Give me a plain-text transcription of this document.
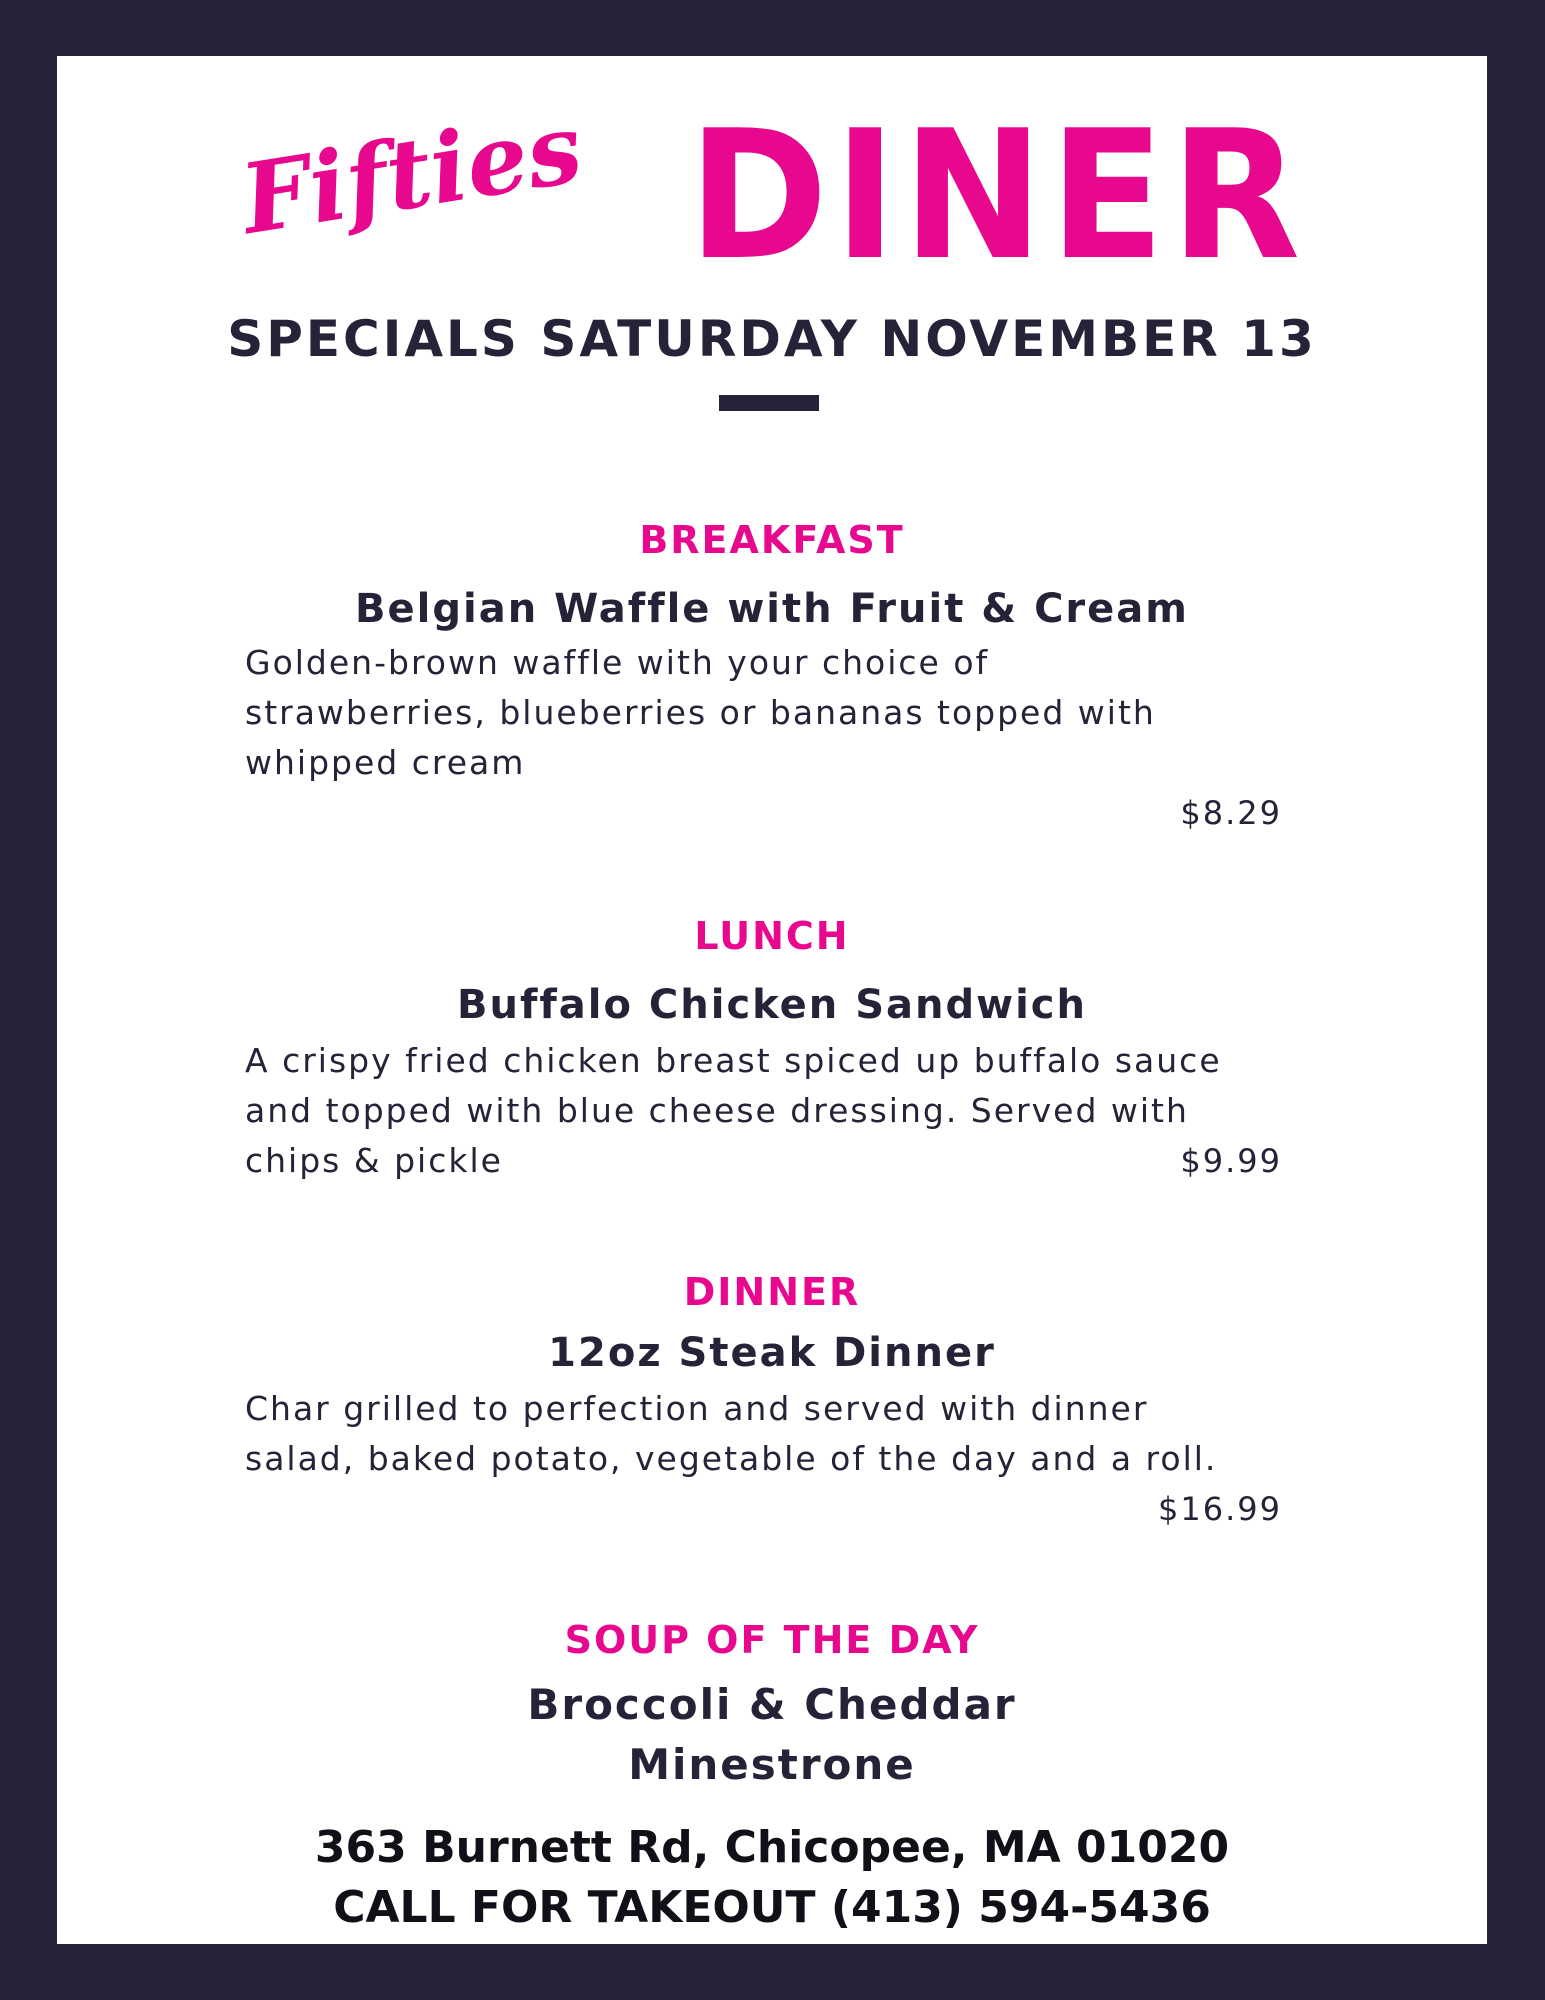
Fifties DINER
SPECIALS SATURDAY NOVEMBER 13
BREAKFAST
Belgian Waffle with Fruit & Cream

Golden-brown waffle with your choice of
strawberries, blueberries or bananas topped with
whipped cream

$8.29

LUNCH
Buffalo Chicken Sandwich

A crispy fried chicken breast spiced up buffalo sauce
and topped with blue cheese dressing. Served with
chips & pickle	$9.99

DINNER
12oz Steak Dinner

Char grilled to perfection and served with dinner
salad, baked potato, vegetable of the day and a roll.

$16.99

SOUP OF THE DAY

Broccoli & Cheddar

Minestrone

363 Burnett Rd, Chicopee, MA 01020

CALL FOR TAKEOUT (413) 594-5436
